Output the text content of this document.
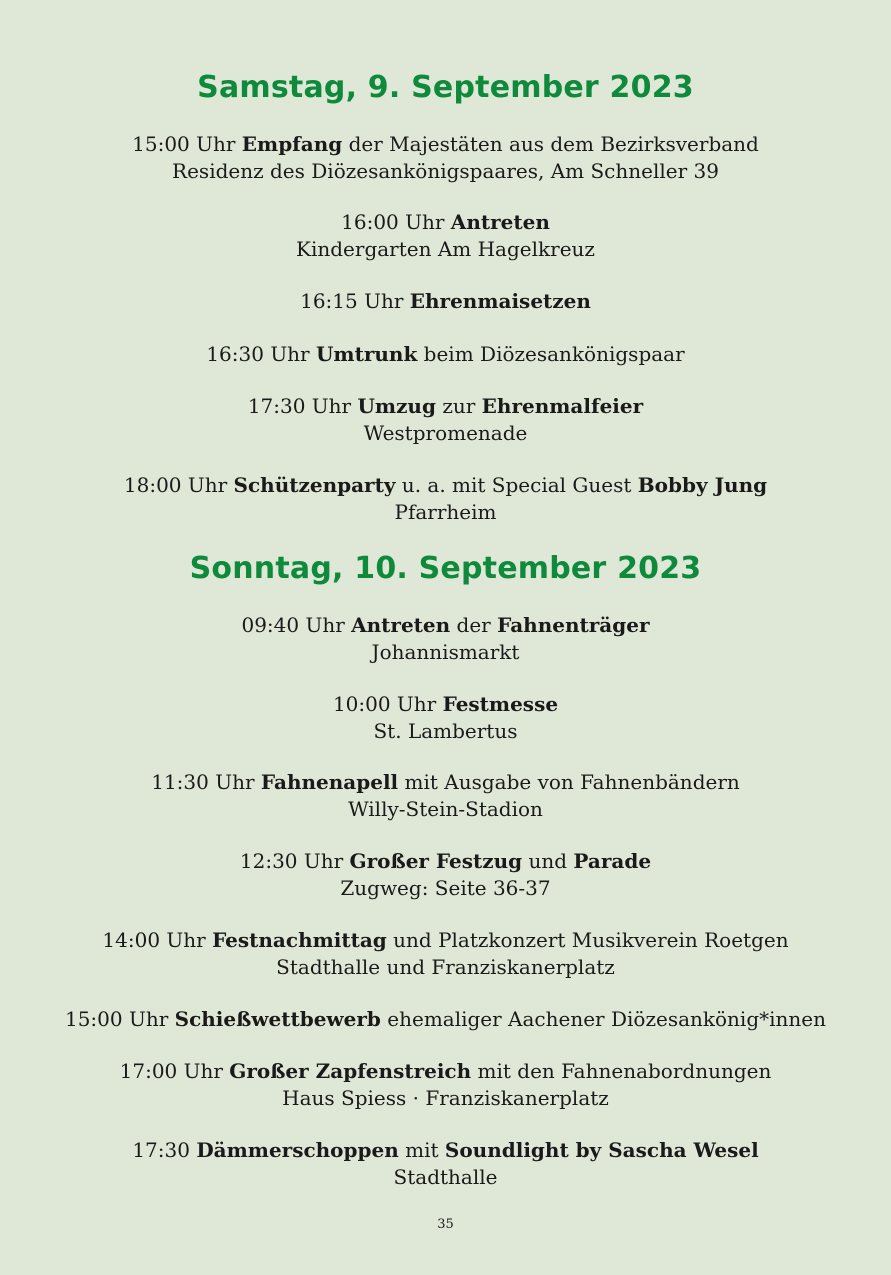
Samstag, 9. September 2023
15:00 Uhr Empfang der Majestäten aus dem Bezirksverband
Residenz des Diözesankönigspaares, Am Schneller 39
16:00 Uhr Antreten
Kindergarten Am Hagelkreuz
16:15 Uhr Ehrenmaisetzen
16:30 Uhr Umtrunk beim Diözesankönigspaar
17:30 Uhr Umzug zur Ehrenmalfeier
Westpromenade
18:00 Uhr Schützenparty u. a. mit Special Guest Bobby Jung
Pfarrheim
Sonntag, 10. September 2023
09:40 Uhr Antreten der Fahnenträger
Johannismarkt
10:00 Uhr Festmesse
St. Lambertus
11:30 Uhr Fahnenapell mit Ausgabe von Fahnenbändern
Willy-Stein-Stadion
12:30 Uhr Großer Festzug und Parade
Zugweg: Seite 36-37
14:00 Uhr Festnachmittag und Platzkonzert Musikverein Roetgen
Stadthalle und Franziskanerplatz
15:00 Uhr Schießwettbewerb ehemaliger Aachener Diözesankönig*innen
17:00 Uhr Großer Zapfenstreich mit den Fahnenabordnungen
Haus Spiess · Franziskanerplatz
17:30 Dämmerschoppen mit Soundlight by Sascha Wesel
Stadthalle
35
